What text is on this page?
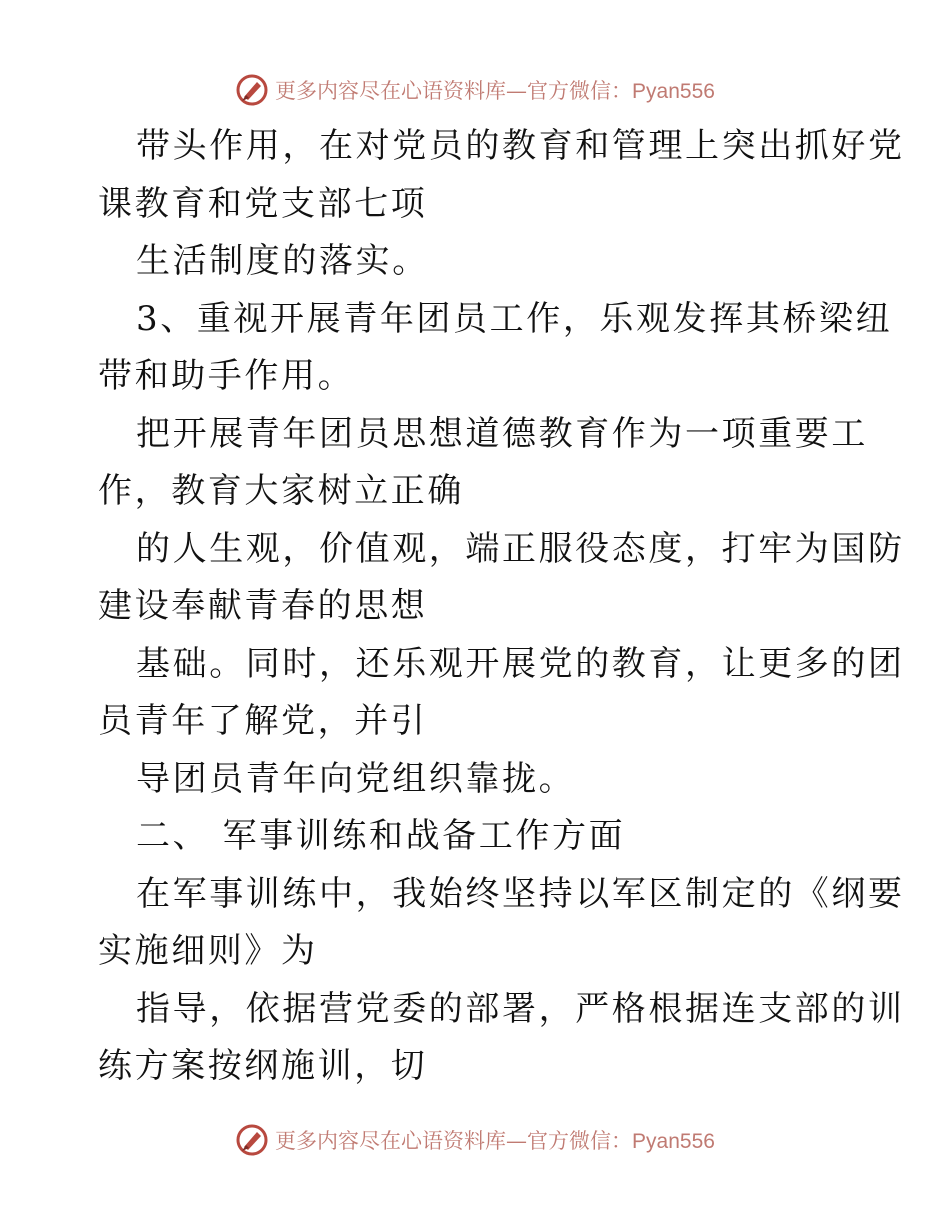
更多内容尽在心语资料库—官方微信：Pyan556
带头作用，在对党员的教育和管理上突出抓好党
课教育和党支部七项
生活制度的落实。
3、重视开展青年团员工作，乐观发挥其桥梁纽
带和助手作用。
把开展青年团员思想道德教育作为一项重要工
作，教育大家树立正确
的人生观，价值观，端正服役态度，打牢为国防
建设奉献青春的思想
基础。同时，还乐观开展党的教育，让更多的团
员青年了解党，并引
导团员青年向党组织靠拢。
二、 军事训练和战备工作方面
在军事训练中，我始终坚持以军区制定的《纲要
实施细则》为
指导，依据营党委的部署，严格根据连支部的训
练方案按纲施训，切
更多内容尽在心语资料库—官方微信：Pyan556
